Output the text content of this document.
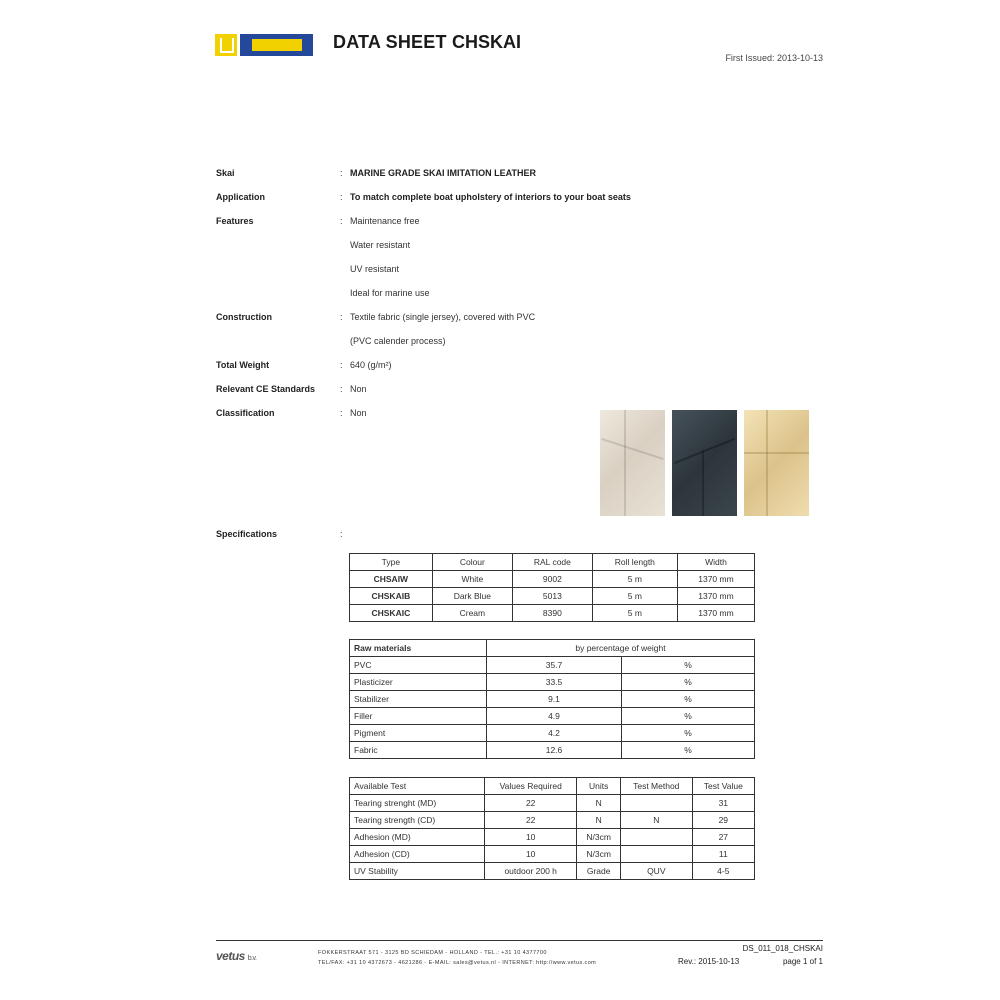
DATA SHEET CHSKAI
First Issued: 2013-10-13
Skai	: MARINE GRADE SKAI IMITATION LEATHER
Application	: To match complete boat upholstery of interiors to your boat seats
Features	: Maintenance free
Water resistant
UV resistant
Ideal for marine use
Construction	: Textile fabric (single jersey), covered with PVC
(PVC calender process)
Total Weight	: 640 (g/m²)
Relevant CE Standards	: Non
Classification	: Non
Specifications	:
Type	Colour	RAL code	Roll length	Width
CHSAIW	White	9002	5 m	1370 mm
CHSKAIB	Dark Blue	5013	5 m	1370 mm
CHSKAIC	Cream	8390	5 m	1370 mm
Raw materials	by percentage of weight	
PVC	35.7	%
Plasticizer	33.5	%
Stabilizer	9.1	%
Filler	4.9	%
Pigment	4.2	%
Fabric	12.6	%
Available Test	Values Required	Units	Test Method	Test Value
Tearing strenght (MD)	22	N		31
Tearing strength (CD)	22	N	N	29
Adhesion (MD)	10	N/3cm		27
Adhesion (CD)	10	N/3cm		11
UV Stability	outdoor 200 h	Grade	QUV	4-5
vetus b.v.
FOKKERSTRAAT 571 - 3125 BD SCHIEDAM - HOLLAND - TEL.: +31 10 4377700
TEL/FAX: +31 10 4372673 - 4621286 - E-MAIL: sales@vetus.nl - INTERNET: http://www.vetus.com
DS_011_018_CHSKAI
Rev.: 2015-10-13	page 1 of 1
